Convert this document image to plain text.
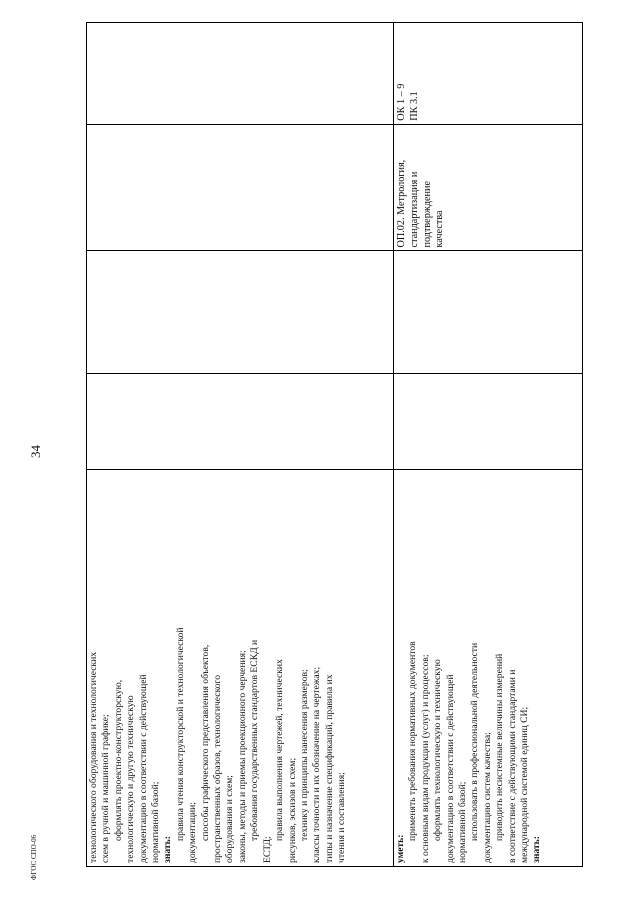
34
ФГОС СПО-06	технологического оборудования и технологических схем в ручной и машинной графике; оформлять проектно-конструкторскую, технологическую и другую техническую документацию в соответствии с действующей нормативной базой; знать:
правила чтения конструкторской и технологической документации; способы графического представления объектов, пространственных образов, технологического оборудования и схем; законы, методы и приемы проекционного черчения; требования государственных стандартов ЕСКД и
ЕСТД;
правила выполнения чертежей, технических рисунков, эскизов и схем; технику и принципы нанесения размеров; классы точности и их обозначение на чертежах; типы и назначение спецификаций, правила их чтения и составления;	уметь:
применять требования нормативных документов к основным видам продукции (услуг) и процессов; оформлять технологическую и техническую документацию в соответствии с действующей нормативной базой; использовать в профессиональной деятельности документацию систем качества; приводить несистемные величины измерений в соответствие с действующими стандартами и международной системой единиц СИ; знать:
ОП.02. Метрология, стандартизация и подтверждение качества
ОК 1 – 9 ПК 3.1
